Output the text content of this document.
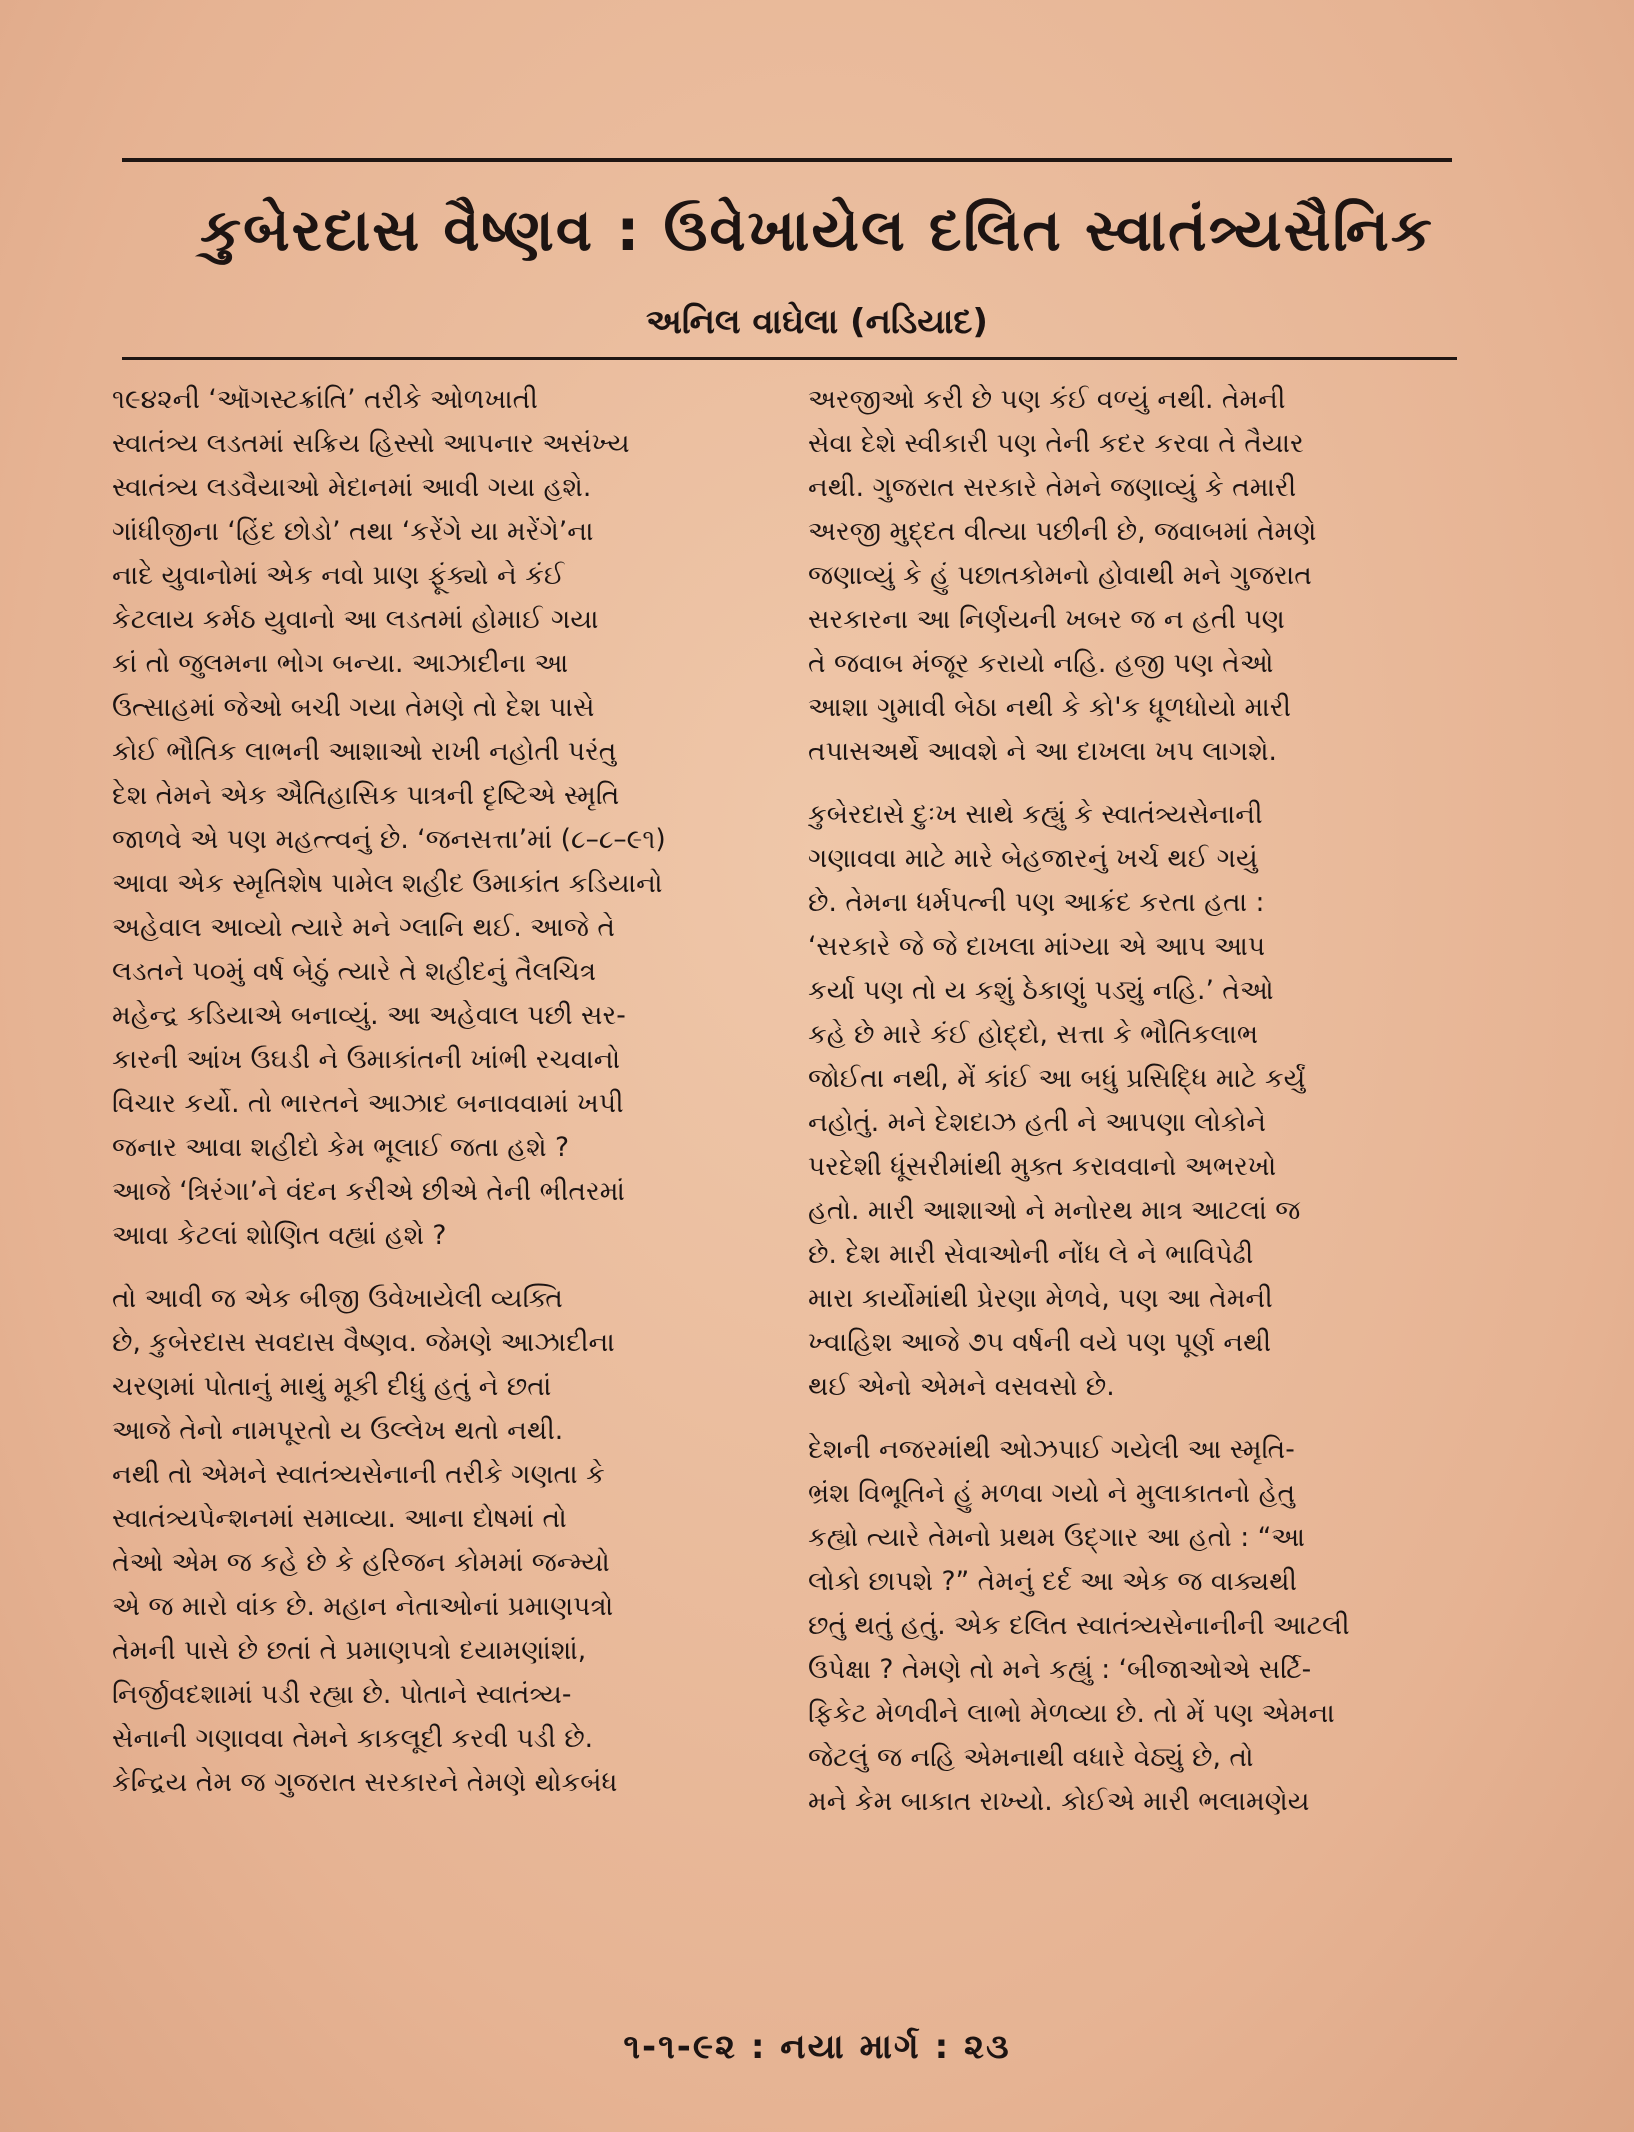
કુબેરદાસ વૈષ્ણવ : ઉવેખાયેલ દલિત સ્વાતંત્ર્યસૈનિક
અનિલ વાઘેલા (નડિયાદ)
૧૯૪૨ની ‘ઑગસ્ટક્રાંતિ’ તરીકે ઓળખાતી
સ્વાતંત્ર્ય લડતમાં સક્રિય હિસ્સો આપનાર અસંખ્ય
સ્વાતંત્ર્ય લડવૈયાઓ મેદાનમાં આવી ગયા હશે.
ગાંધીજીના ‘હિંદ છોડો’ તથા ‘કરેંગે યા મરેંગે’ના
નાદે યુવાનોમાં એક નવો પ્રાણ ફૂંક્યો ને કંઈ
કેટલાય કર્મઠ યુવાનો આ લડતમાં હોમાઈ ગયા
કાં તો જુલમના ભોગ બન્યા. આઝાદીના આ
ઉત્સાહમાં જેઓ બચી ગયા તેમણે તો દેશ પાસે
કોઈ ભૌતિક લાભની આશાઓ રાખી નહોતી પરંતુ
દેશ તેમને એક ઐતિહાસિક પાત્રની દૃષ્ટિએ સ્મૃતિ
જાળવે એ પણ મહત્ત્વનું છે. ‘જનસત્તા’માં (૮–૮–૯૧)
આવા એક સ્મૃતિશેષ પામેલ શહીદ ઉમાકાંત કડિયાનો
અહેવાલ આવ્યો ત્યારે મને ગ્લાનિ થઈ. આજે તે
લડતને ૫૦મું વર્ષ બેઠું ત્યારે તે શહીદનું તૈલચિત્ર
મહેન્દ્ર કડિયાએ બનાવ્યું. આ અહેવાલ પછી સર-
કારની આંખ ઉઘડી ને ઉમાકાંતની ખાંભી રચવાનો
વિચાર કર્યો. તો ભારતને આઝાદ બનાવવામાં ખપી
જનાર આવા શહીદો કેમ ભૂલાઈ જતા હશે ?
આજે ‘ત્રિરંગા’ને વંદન કરીએ છીએ તેની ભીતરમાં
આવા કેટલાં શોણિત વહ્યાં હશે ?
તો આવી જ એક બીજી ઉવેખાયેલી વ્યક્તિ
છે, કુબેરદાસ સવદાસ વૈષ્ણવ. જેમણે આઝાદીના
ચરણમાં પોતાનું માથું મૂકી દીધું હતું ને છતાં
આજે તેનો નામપૂરતો ય ઉલ્લેખ થતો નથી.
નથી તો એમને સ્વાતંત્ર્યસેનાની તરીકે ગણતા કે
સ્વાતંત્ર્યપેન્શનમાં સમાવ્યા. આના દોષમાં તો
તેઓ એમ જ કહે છે કે હરિજન કોમમાં જન્મ્યો
એ જ મારો વાંક છે. મહાન નેતાઓનાં પ્રમાણપત્રો
તેમની પાસે છે છતાં તે પ્રમાણપત્રો દયામણાંશાં,
નિર્જીવદશામાં પડી રહ્યા છે. પોતાને સ્વાતંત્ર્ય-
સેનાની ગણાવવા તેમને કાકલૂદી કરવી પડી છે.
કેન્દ્રિય તેમ જ ગુજરાત સરકારને તેમણે થોકબંધ
અરજીઓ કરી છે પણ કંઈ વળ્યું નથી. તેમની
સેવા દેશે સ્વીકારી પણ તેની કદર કરવા તે તૈયાર
નથી. ગુજરાત સરકારે તેમને જણાવ્યું કે તમારી
અરજી મુદ્દત વીત્યા પછીની છે, જવાબમાં તેમણે
જણાવ્યું કે હું પછાતકોમનો હોવાથી મને ગુજરાત
સરકારના આ નિર્ણયની ખબર જ ન હતી પણ
તે જવાબ મંજૂર કરાયો નહિ. હજી પણ તેઓ
આશા ગુમાવી બેઠા નથી કે કો'ક ધૂળધોયો મારી
તપાસઅર્થે આવશે ને આ દાખલા ખપ લાગશે.
કુબેરદાસે દુઃખ સાથે કહ્યું કે સ્વાતંત્ર્યસેનાની
ગણાવવા માટે મારે બેહજારનું ખર્ચ થઈ ગયું
છે. તેમના ધર્મપત્ની પણ આક્રંદ કરતા હતા :
‘સરકારે જે જે દાખલા માંગ્યા એ આપ આપ
કર્યા પણ તો ય કશું ઠેકાણું પડ્યું નહિ.’ તેઓ
કહે છે મારે કંઈ હોદ્દો, સત્તા કે ભૌતિકલાભ
જોઈતા નથી, મેં કાંઈ આ બધું પ્રસિદ્ધિ માટે કર્યું
નહોતું. મને દેશદાઝ હતી ને આપણા લોકોને
પરદેશી ધૂંસરીમાંથી મુક્ત કરાવવાનો અભરખો
હતો. મારી આશાઓ ને મનોરથ માત્ર આટલાં જ
છે. દેશ મારી સેવાઓની નોંધ લે ને ભાવિપેઢી
મારા કાર્યોમાંથી પ્રેરણા મેળવે, પણ આ તેમની
ખ્વાહિશ આજે ૭૫ વર્ષની વયે પણ પૂર્ણ નથી
થઈ એનો એમને વસવસો છે.
દેશની નજરમાંથી ઓઝપાઈ ગયેલી આ સ્મૃતિ-
ભ્રંશ વિભૂતિને હું મળવા ગયો ને મુલાકાતનો હેતુ
કહ્યો ત્યારે તેમનો પ્રથમ ઉદ્ગાર આ હતો : “આ
લોકો છાપશે ?” તેમનું દર્દ આ એક જ વાક્યથી
છતું થતું હતું. એક દલિત સ્વાતંત્ર્યસેનાનીની આટલી
ઉપેક્ષા ? તેમણે તો મને કહ્યું : ‘બીજાઓએ સર્ટિ-
ફિકેટ મેળવીને લાભો મેળવ્યા છે. તો મેં પણ એમના
જેટલું જ નહિ એમનાથી વધારે વેઠ્યું છે, તો
મને કેમ બાકાત રાખ્યો. કોઈએ મારી ભલામણેય
૧-૧-૯૨ : નયા માર્ગ : ૨૩
